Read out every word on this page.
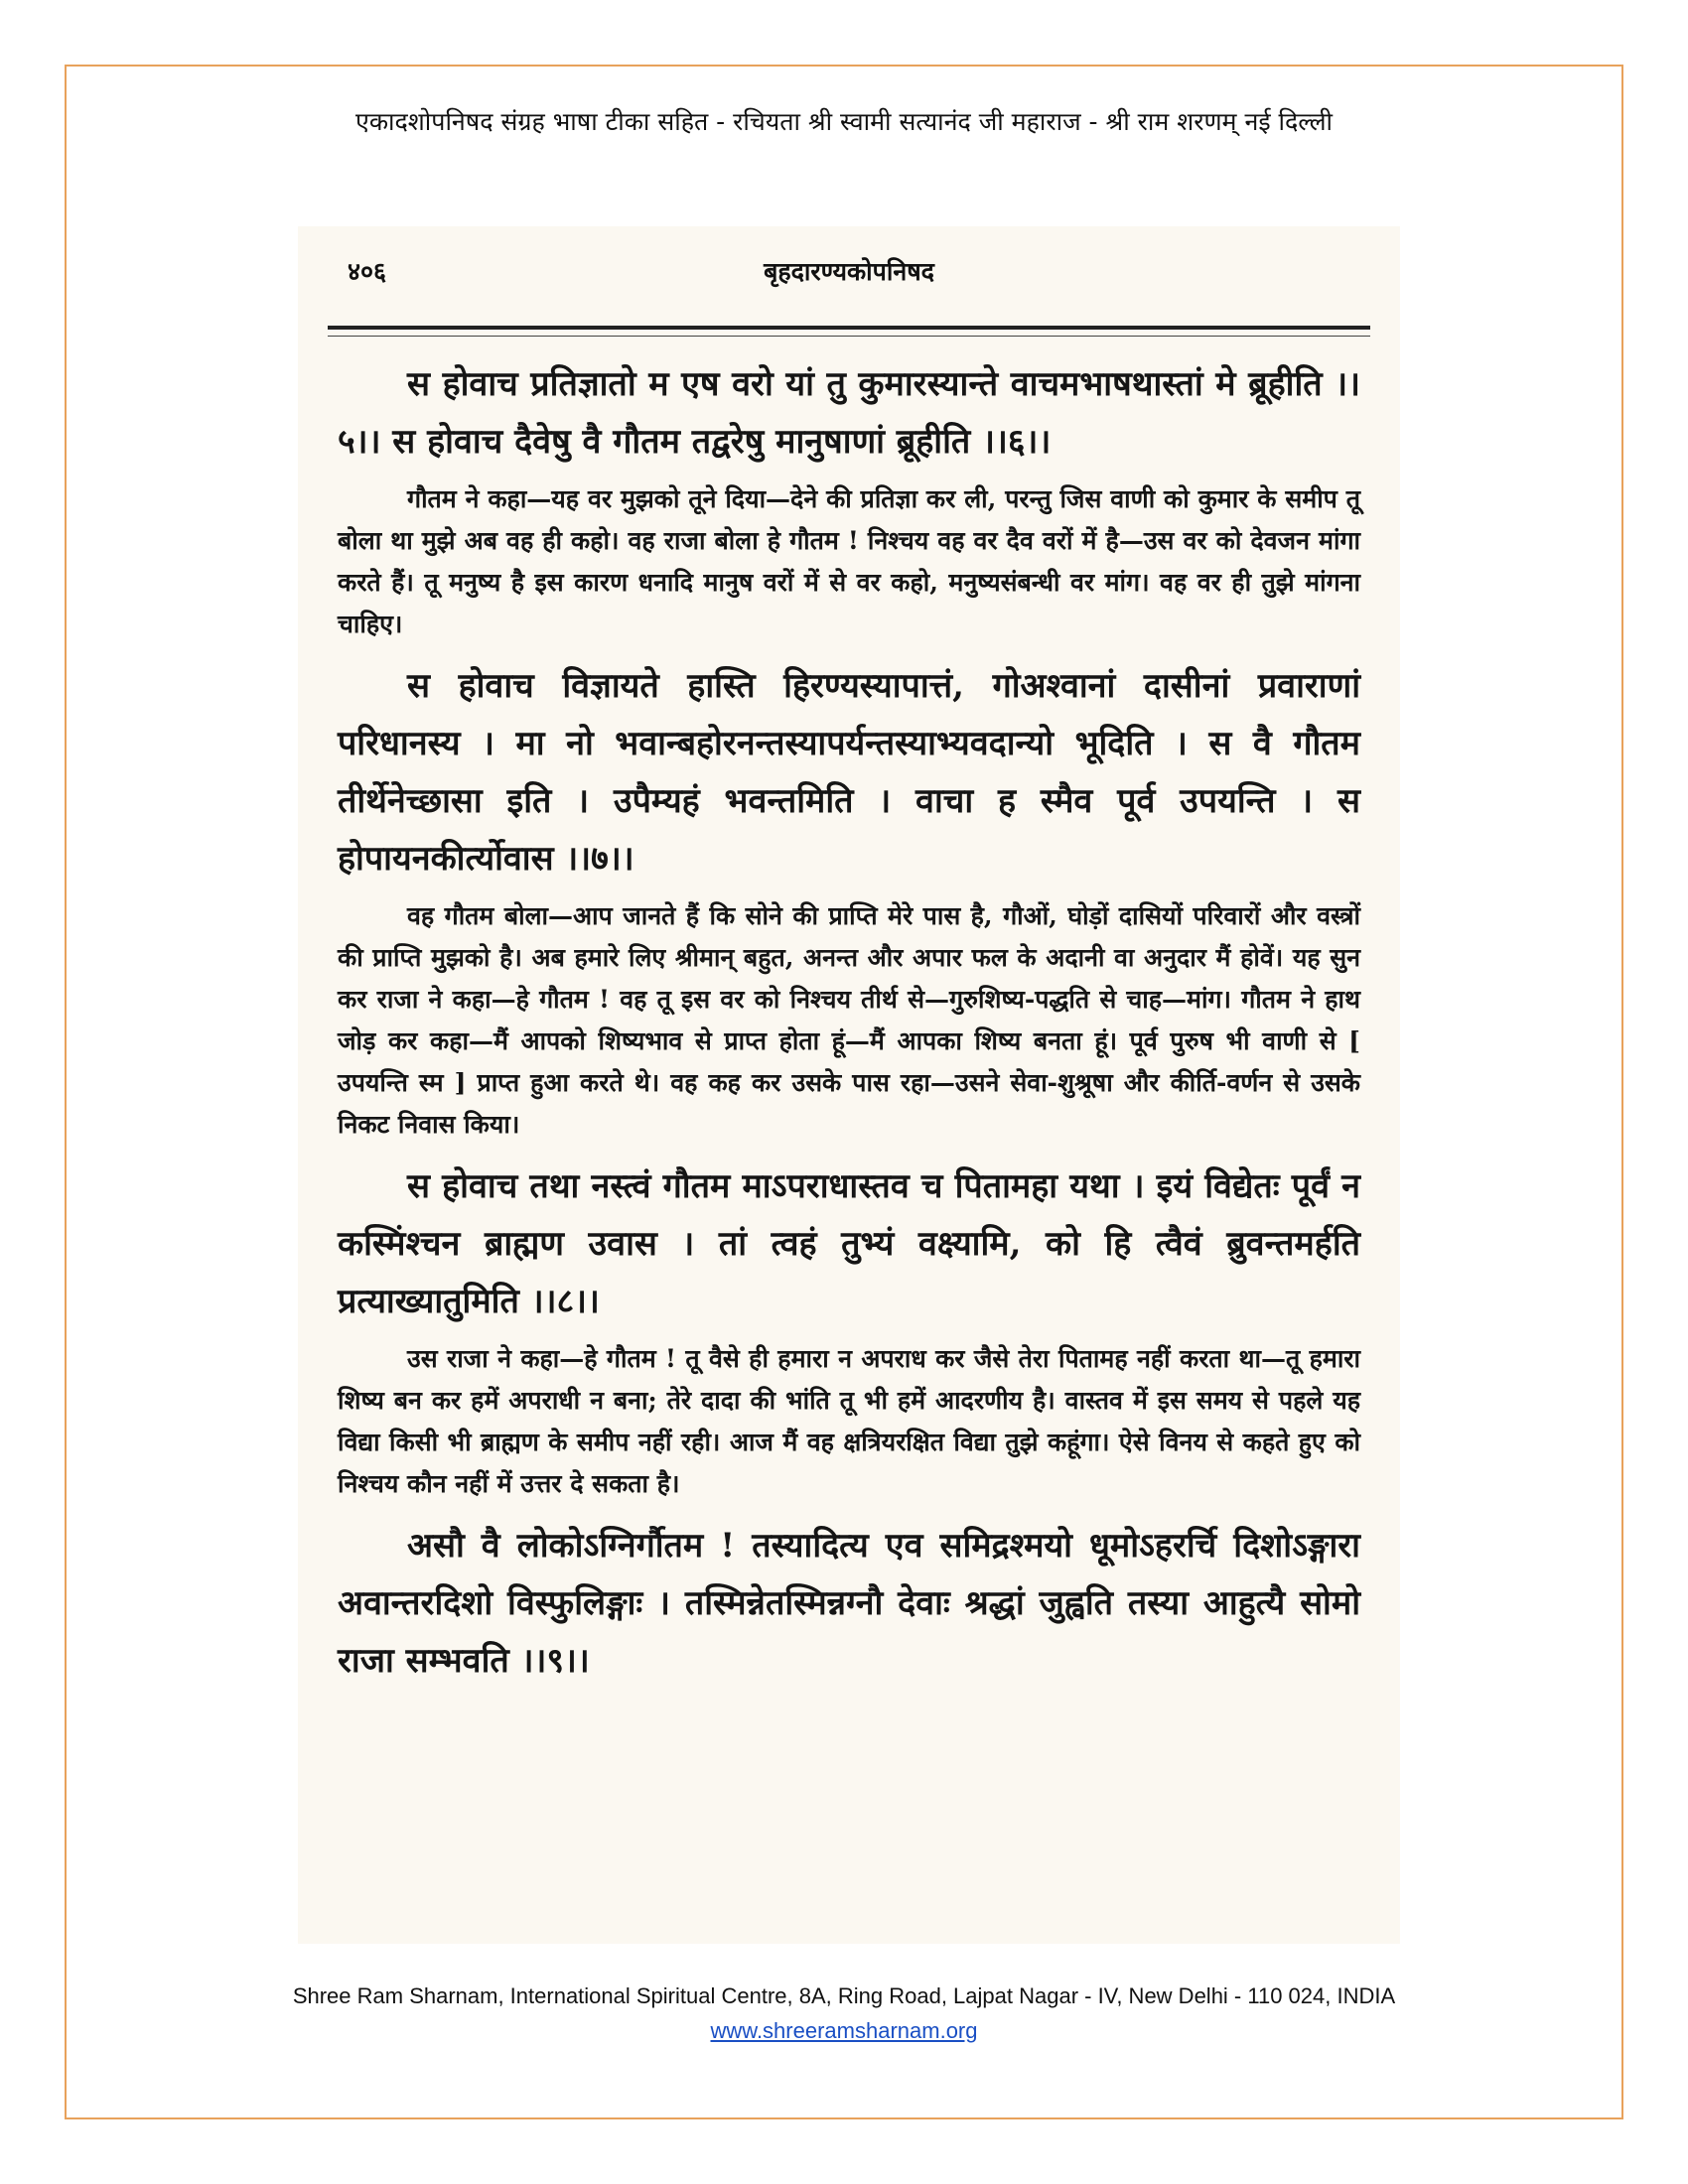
एकादशोपनिषद संग्रह भाषा टीका सहित - रचियता श्री स्वामी सत्यानंद जी महाराज - श्री राम शरणम् नई दिल्ली
४०६	बृहदारण्यकोपनिषद

स होवाच प्रतिज्ञातो म एष वरो यां तु कुमारस्यान्ते वाचमभाषथास्तां मे ब्रूहीति ।।५।। स होवाच दैवेषु वै गौतम तद्वरेषु मानुषाणां ब्रूहीति ।।६।।

गौतम ने कहा—यह वर मुझको तूने दिया—देने की प्रतिज्ञा कर ली, परन्तु जिस वाणी को कुमार के समीप तू बोला था मुझे अब वह ही कहो। वह राजा बोला हे गौतम ! निश्चय वह वर दैव वरों में है—उस वर को देवजन मांगा करते हैं। तू मनुष्य है इस कारण धनादि मानुष वरों में से वर कहो, मनुष्यसंबन्धी वर मांग। वह वर ही तुझे मांगना चाहिए।

स होवाच विज्ञायते हास्ति हिरण्यस्यापात्तं, गोअश्वानां दासीनां प्रवाराणां परिधानस्य । मा नो भवान्बहोरनन्तस्यापर्यन्तस्याभ्यवदान्यो भूदिति । स वै गौतम तीर्थेनेच्छासा इति । उपैम्यहं भवन्तमिति । वाचा ह स्मैव पूर्व उपयन्ति । स होपायनकीर्त्योवास ।।७।।

वह गौतम बोला—आप जानते हैं कि सोने की प्राप्ति मेरे पास है, गौओं, घोड़ों दासियों परिवारों और वस्त्रों की प्राप्ति मुझको है। अब हमारे लिए श्रीमान् बहुत, अनन्त और अपार फल के अदानी वा अनुदार मैं होवें। यह सुन कर राजा ने कहा—हे गौतम ! वह तू इस वर को निश्चय तीर्थ से—गुरुशिष्य-पद्धति से चाह—मांग। गौतम ने हाथ जोड़ कर कहा—मैं आपको शिष्यभाव से प्राप्त होता हूं—मैं आपका शिष्य बनता हूं। पूर्व पुरुष भी वाणी से [ उपयन्ति स्म ] प्राप्त हुआ करते थे। वह कह कर उसके पास रहा—उसने सेवा-शुश्रूषा और कीर्ति-वर्णन से उसके निकट निवास किया।

स होवाच तथा नस्त्वं गौतम माऽपराधास्तव च पितामहा यथा । इयं विद्येतः पूर्वं न कस्मिंश्चन ब्राह्मण उवास । तां त्वहं तुभ्यं वक्ष्यामि, को हि त्वैवं ब्रुवन्तमर्हति प्रत्याख्यातुमिति ।।८।।

उस राजा ने कहा—हे गौतम ! तू वैसे ही हमारा न अपराध कर जैसे तेरा पितामह नहीं करता था—तू हमारा शिष्य बन कर हमें अपराधी न बना; तेरे दादा की भांति तू भी हमें आदरणीय है। वास्तव में इस समय से पहले यह विद्या किसी भी ब्राह्मण के समीप नहीं रही। आज मैं वह क्षत्रियरक्षित विद्या तुझे कहूंगा। ऐसे विनय से कहते हुए को निश्चय कौन नहीं में उत्तर दे सकता है।

असौ वै लोकोऽग्निर्गौतम ! तस्यादित्य एव समिद्रश्मयो धूमोऽहरर्चि दिशोऽङ्गारा अवान्तरदिशो विस्फुलिङ्गाः । तस्मिन्नेतस्मिन्नग्नौ देवाः श्रद्धां जुह्वति तस्या आहुत्यै सोमो राजा सम्भवति ।।९।।

Shree Ram Sharnam, International Spiritual Centre, 8A, Ring Road, Lajpat Nagar - IV, New Delhi - 110 024, INDIA
www.shreeramsharnam.org
